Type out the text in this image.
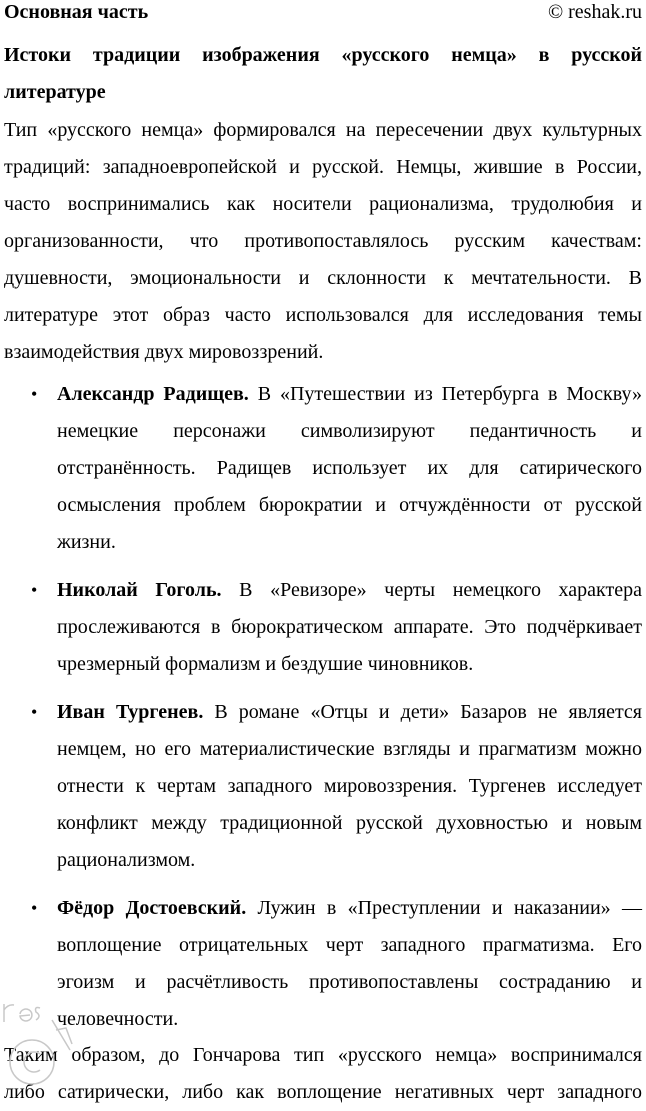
Основная часть	© reshak.ru
Истоки традиции изображения «русского немца» в русской
литературе
Тип «русского немца» формировался на пересечении двух культурных
традиций: западноевропейской и русской. Немцы, жившие в России,
часто воспринимались как носители рационализма, трудолюбия и
организованности, что противопоставлялось русским качествам:
душевности, эмоциональности и склонности к мечтательности. В
литературе этот образ часто использовался для исследования темы
взаимодействия двух мировоззрений.
• Александр Радищев. В «Путешествии из Петербурга в Москву»
немецкие персонажи символизируют педантичность и
отстранённость. Радищев использует их для сатирического
осмысления проблем бюрократии и отчуждённости от русской
жизни.
• Николай Гоголь. В «Ревизоре» черты немецкого характера
прослеживаются в бюрократическом аппарате. Это подчёркивает
чрезмерный формализм и бездушие чиновников.
• Иван Тургенев. В романе «Отцы и дети» Базаров не является
немцем, но его материалистические взгляды и прагматизм можно
отнести к чертам западного мировоззрения. Тургенев исследует
конфликт между традиционной русской духовностью и новым
рационализмом.
• Фёдор Достоевский. Лужин в «Преступлении и наказании» —
воплощение отрицательных черт западного прагматизма. Его
эгоизм и расчётливость противопоставлены состраданию и
человечности.
Таким образом, до Гончарова тип «русского немца» воспринимался
либо сатирически, либо как воплощение негативных черт западного
